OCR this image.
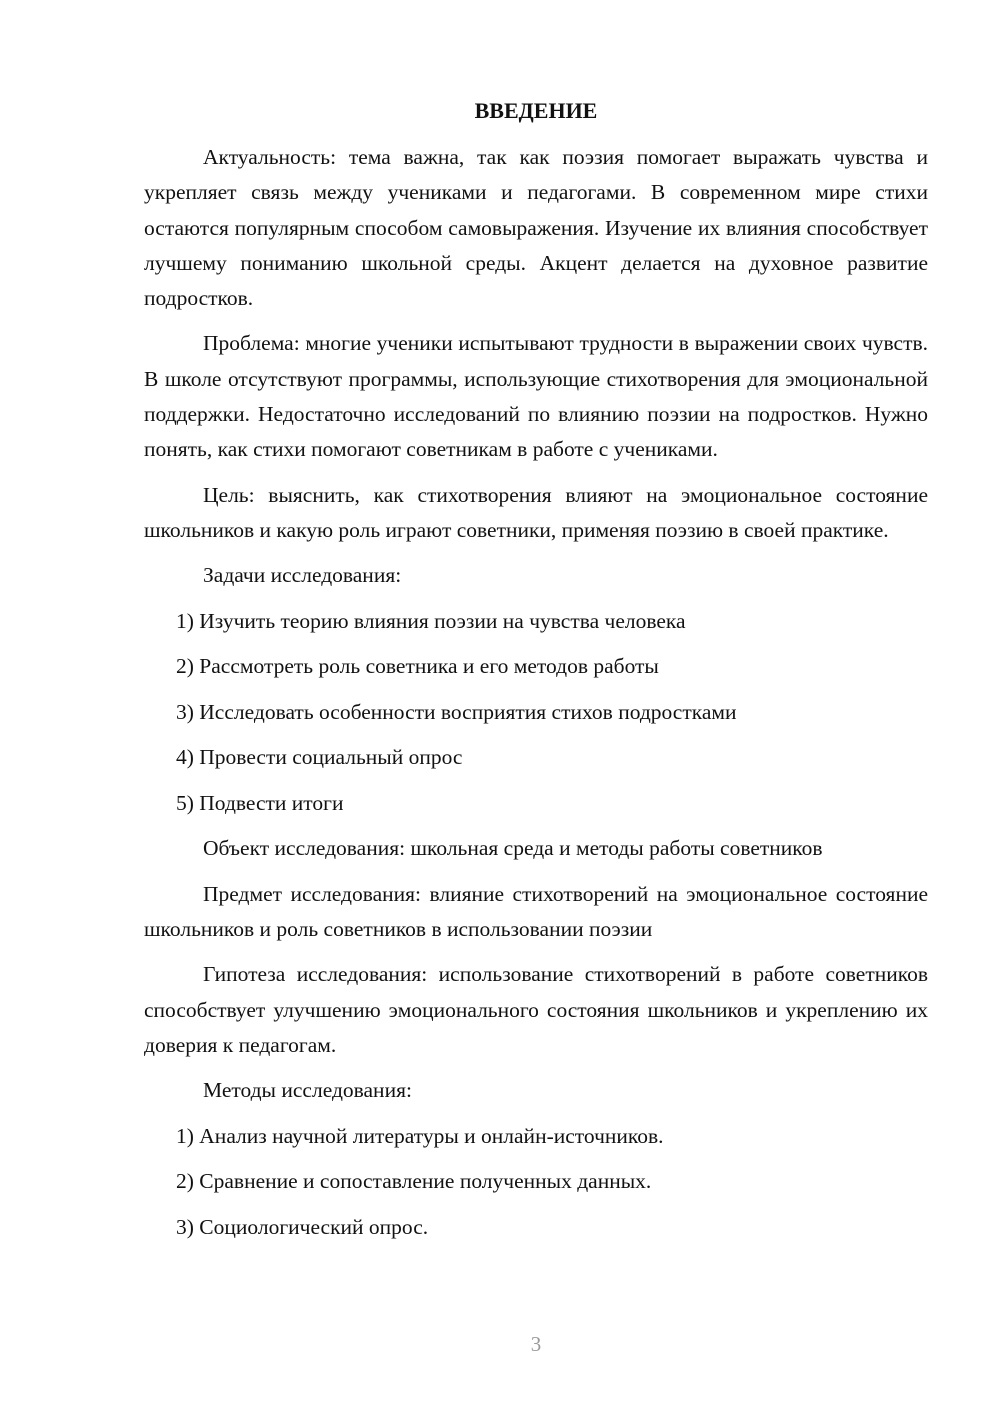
ВВЕДЕНИЕ

Актуальность: тема важна, так как поэзия помогает выражать чувства и укрепляет связь между учениками и педагогами. В современном мире стихи остаются популярным способом самовыражения. Изучение их влияния способствует лучшему пониманию школьной среды. Акцент делается на духовное развитие подростков.

Проблема: многие ученики испытывают трудности в выражении своих чувств. В школе отсутствуют программы, использующие стихотворения для эмоциональной поддержки. Недостаточно исследований по влиянию поэзии на подростков. Нужно понять, как стихи помогают советникам в работе с учениками.

Цель: выяснить, как стихотворения влияют на эмоциональное состояние школьников и какую роль играют советники, применяя поэзию в своей практике.

Задачи исследования:
1) Изучить теорию влияния поэзии на чувства человека
2) Рассмотреть роль советника и его методов работы
3) Исследовать особенности восприятия стихов подростками
4) Провести социальный опрос
5) Подвести итоги
Объект исследования: школьная среда и методы работы советников

Предмет исследования: влияние стихотворений на эмоциональное состояние школьников и роль советников в использовании поэзии

Гипотеза исследования: использование стихотворений в работе советников способствует улучшению эмоционального состояния школьников и укреплению их доверия к педагогам.

Методы исследования:
1) Анализ научной литературы и онлайн-источников.
2) Сравнение и сопоставление полученных данных.
3) Социологический опрос.
3
